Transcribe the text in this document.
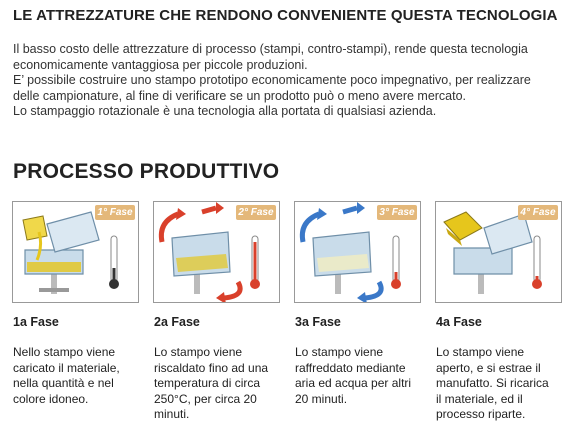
LE ATTREZZATURE CHE RENDONO CONVENIENTE QUESTA TECNOLOGIA
Il basso costo delle attrezzature di processo (stampi, contro-stampi), rende questa tecnologia
economicamente vantaggiosa per piccole produzioni.
E’ possibile costruire uno stampo prototipo economicamente poco impegnativo, per realizzare
delle campionature, al fine di verificare se un prodotto può o meno avere mercato.
Lo stampaggio rotazionale è una tecnologia alla portata di qualsiasi azienda.
PROCESSO PRODUTTIVO
1° Fase
1a Fase
Nello stampo viene
caricato il materiale,
nella quantità e nel
colore idoneo.
2° Fase
2a Fase
Lo stampo viene
riscaldato fino ad una
temperatura di circa
250°C, per circa 20
minuti.
3° Fase
3a Fase
Lo stampo viene
raffreddato mediante
aria ed acqua per altri
20 minuti.
4° Fase
4a Fase
Lo stampo viene
aperto, e si estrae il
manufatto. Si ricarica
il materiale, ed il
processo riparte.
